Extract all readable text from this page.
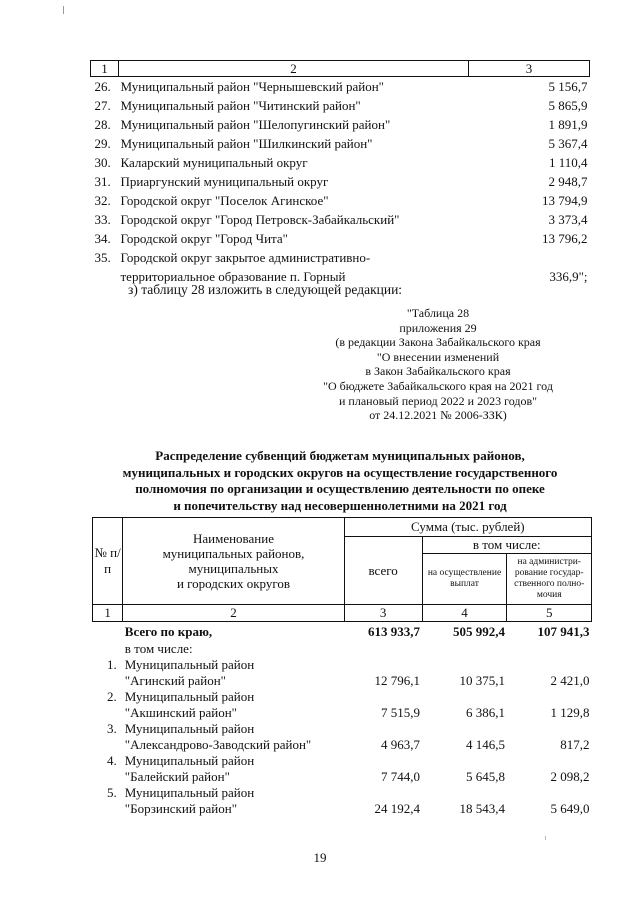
1	2	3
26.	Муниципальный район "Чернышевский район"	5 156,7
27.	Муниципальный район "Читинский район"	5 865,9
28.	Муниципальный район "Шелопугинский район"	1 891,9
29.	Муниципальный район "Шилкинский район"	5 367,4
30.	Каларский муниципальный округ	1 110,4
31.	Приаргунский муниципальный округ	2 948,7
32.	Городской округ "Поселок Агинское"	13 794,9
33.	Городской округ "Город Петровск-Забайкальский"	3 373,4
34.	Городской округ "Город Чита"	13 796,2
35.	Городской округ закрытое административно-	
	территориальное образование п. Горный	336,9";
з) таблицу 28 изложить в следующей редакции:
"Таблица 28
приложения 29
(в редакции Закона Забайкальского края
"О внесении изменений
в Закон Забайкальского края
"О бюджете Забайкальского края на 2021 год
и плановый период 2022 и 2023 годов"
от 24.12.2021 № 2006-ЗЗК)
Распределение субвенций бюджетам муниципальных районов,
муниципальных и городских округов на осуществление государственного
полномочия по организации и осуществлению деятельности по опеке
и попечительству над несовершеннолетними на 2021 год
№ п/п	Наименование
муниципальных районов,
муниципальных
и городских округов	Сумма (тыс. рублей)		
		всего	в том числе:	
			на осуществление выплат	на администри-
рование государ-
ственного полно-
мочия

1	2	3	4	5
	Всего по краю,	613 933,7	505 992,4	107 941,3
	в том числе:			
1.	Муниципальный район			
	"Агинский район"	12 796,1	10 375,1	2 421,0
2.	Муниципальный район			
	"Акшинский район"	7 515,9	6 386,1	1 129,8
3.	Муниципальный район			
	"Александрово-Заводский район"	4 963,7	4 146,5	817,2
4.	Муниципальный район			
	"Балейский район"	7 744,0	5 645,8	2 098,2
5.	Муниципальный район			
	"Борзинский район"	24 192,4	18 543,4	5 649,0
19
